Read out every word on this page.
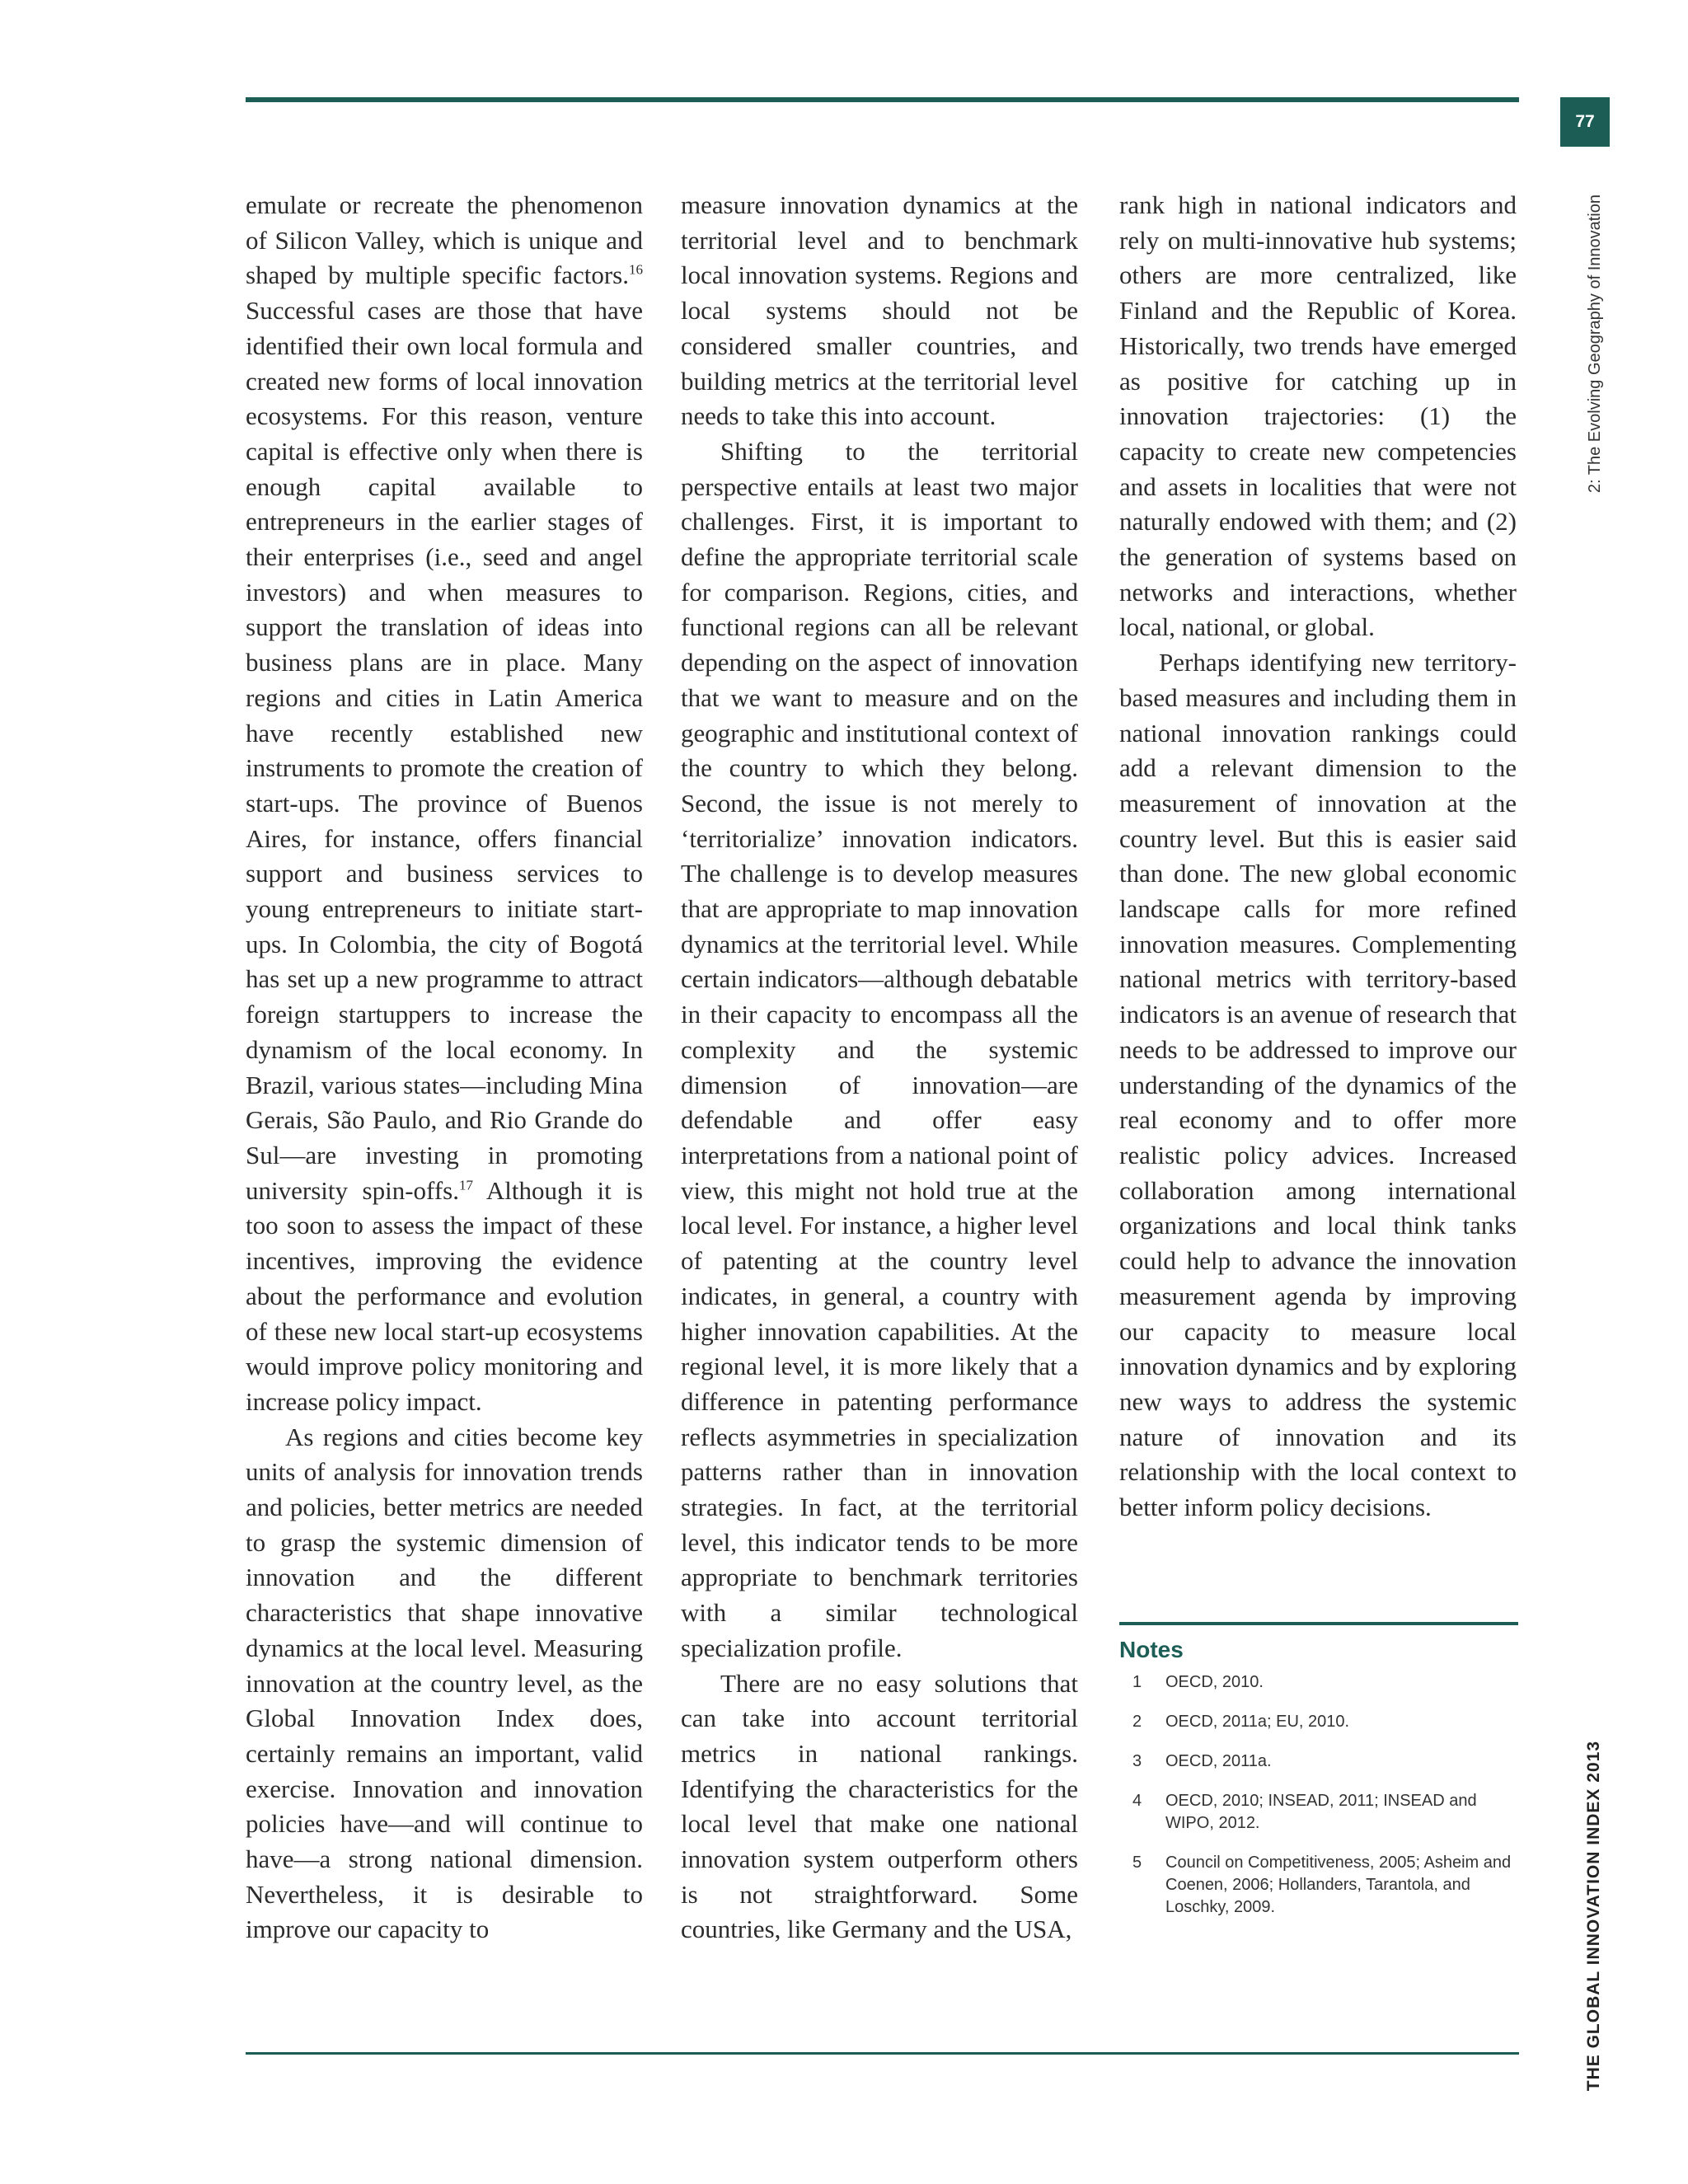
77
2: The Evolving Geography of Innovation
THE GLOBAL INNOVATION INDEX 2013

emulate or recreate the phenomenon of Silicon Valley, which is unique and shaped by multiple specific factors.$^{16}$ Successful cases are those that have identified their own local formula and created new forms of local innovation ecosystems. For this reason, venture capital is effective only when there is enough capital available to entrepreneurs in the earlier stages of their enterprises (i.e., seed and angel investors) and when measures to support the translation of ideas into business plans are in place. Many regions and cities in Latin America have recently established new instruments to promote the creation of start-ups. The province of Buenos Aires, for instance, offers financial support and business services to young entrepreneurs to initiate start-ups. In Colombia, the city of Bogotá has set up a new programme to attract foreign startuppers to increase the dynamism of the local economy. In Brazil, various states—including Mina Gerais, São Paulo, and Rio Grande do Sul—are investing in promoting university spin-offs.$^{17}$ Although it is too soon to assess the impact of these incentives, improving the evidence about the performance and evolution of these new local start-up ecosystems would improve policy monitoring and increase policy impact.

As regions and cities become key units of analysis for innovation trends and policies, better metrics are needed to grasp the systemic dimension of innovation and the different characteristics that shape innovative dynamics at the local level. Measuring innovation at the country level, as the Global Innovation Index does, certainly remains an important, valid exercise. Innovation and innovation policies have—and will continue to have—a strong national dimension. Nevertheless, it is desirable to improve our capacity to

measure innovation dynamics at the territorial level and to benchmark local innovation systems. Regions and local systems should not be considered smaller countries, and building metrics at the territorial level needs to take this into account.

Shifting to the territorial perspective entails at least two major challenges. First, it is important to define the appropriate territorial scale for comparison. Regions, cities, and functional regions can all be relevant depending on the aspect of innovation that we want to measure and on the geographic and institutional context of the country to which they belong. Second, the issue is not merely to ‘territorialize’ innovation indicators. The challenge is to develop measures that are appropriate to map innovation dynamics at the territorial level. While certain indicators—although debatable in their capacity to encompass all the complexity and the systemic dimension of innovation—are defendable and offer easy interpretations from a national point of view, this might not hold true at the local level. For instance, a higher level of patenting at the country level indicates, in general, a country with higher innovation capabilities. At the regional level, it is more likely that a difference in patenting performance reflects asymmetries in specialization patterns rather than in innovation strategies. In fact, at the territorial level, this indicator tends to be more appropriate to benchmark territories with a similar technological specialization profile.

There are no easy solutions that can take into account territorial metrics in national rankings. Identifying the characteristics for the local level that make one national innovation system outperform others is not straightforward. Some countries, like Germany and the USA,

rank high in national indicators and rely on multi-innovative hub systems; others are more centralized, like Finland and the Republic of Korea. Historically, two trends have emerged as positive for catching up in innovation trajectories: (1) the capacity to create new competencies and assets in localities that were not naturally endowed with them; and (2) the generation of systems based on networks and interactions, whether local, national, or global.

Perhaps identifying new territory-based measures and including them in national innovation rankings could add a relevant dimension to the measurement of innovation at the country level. But this is easier said than done. The new global economic landscape calls for more refined innovation measures. Complementing national metrics with territory-based indicators is an avenue of research that needs to be addressed to improve our understanding of the dynamics of the real economy and to offer more realistic policy advices. Increased collaboration among international organizations and local think tanks could help to advance the innovation measurement agenda by improving our capacity to measure local innovation dynamics and by exploring new ways to address the systemic nature of innovation and its relationship with the local context to better inform policy decisions.

Notes
1	OECD, 2010.
2	OECD, 2011a; EU, 2010.
3	OECD, 2011a.
4	OECD, 2010; INSEAD, 2011; INSEAD and WIPO, 2012.
5	Council on Competitiveness, 2005; Asheim and Coenen, 2006; Hollanders, Tarantola, and Loschky, 2009.
